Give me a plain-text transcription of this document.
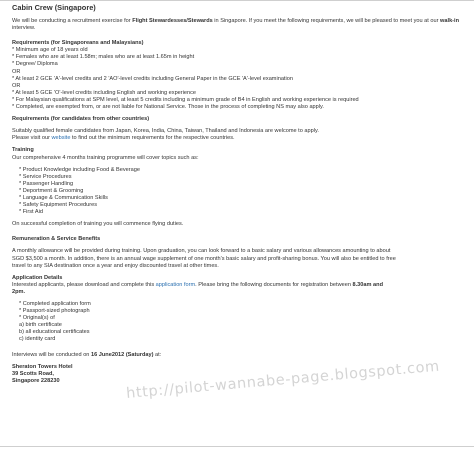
Cabin Crew (Singapore)

We will be conducting a recruitment exercise for Flight Stewardesses/Stewards in Singapore. If you meet the following requirements, we will be pleased to meet you at our walk-in interview.

Requirements (for Singaporeans and Malaysians)

* Minimum age of 18 years old

* Females who are at least 1.58m; males who are at least 1.65m in height

* Degree/ Diploma

OR

* At least 2 GCE 'A'-level credits and 2 'AO'-level credits including General Paper in the GCE 'A'-level examination

OR

* At least 5 GCE 'O'-level credits including English and working experience

* For Malaysian qualifications at SPM level, at least 5 credits including a minimum grade of B4 in English and working experience is required

* Completed, are exempted from, or are not liable for National Service. Those in the process of completing NS may also apply.

Requirements (for candidates from other countries)

Suitably qualified female candidates from Japan, Korea, India, China, Taiwan, Thailand and Indonesia are welcome to apply.

Please visit our website to find out the minimum requirements for the respective countries.

Training

Our comprehensive 4 months training programme will cover topics such as:

* Product Knowledge including Food & Beverage

* Service Procedures

* Passenger Handling

* Deportment & Grooming

* Language & Communication Skills

* Safety Equipment Procedures

* First Aid

On successful completion of training you will commence flying duties.

Remuneration & Service Benefits

A monthly allowance will be provided during training. Upon graduation, you can look forward to a basic salary and various allowances amounting to about

SGD $3,500 a month. In addition, there is an annual wage supplement of one month's basic salary and profit-sharing bonus. You will also be entitled to free

travel to any SIA destination once a year and enjoy discounted travel at other times.

Application Details

Interested applicants, please download and complete this application form. Please bring the following documents for registration between 8.30am and

2pm.

* Completed application form

* Passport-sized photograph

* Original(s) of

a) birth certificate

b) all educational certificates

c) identity card

Interviews will be conducted on 16 June2012 (Saturday) at:

Sheraton Towers Hotel

39 Scotts Road,

Singapore 228230	http://pilot-wannabe-page.blogspot.com
